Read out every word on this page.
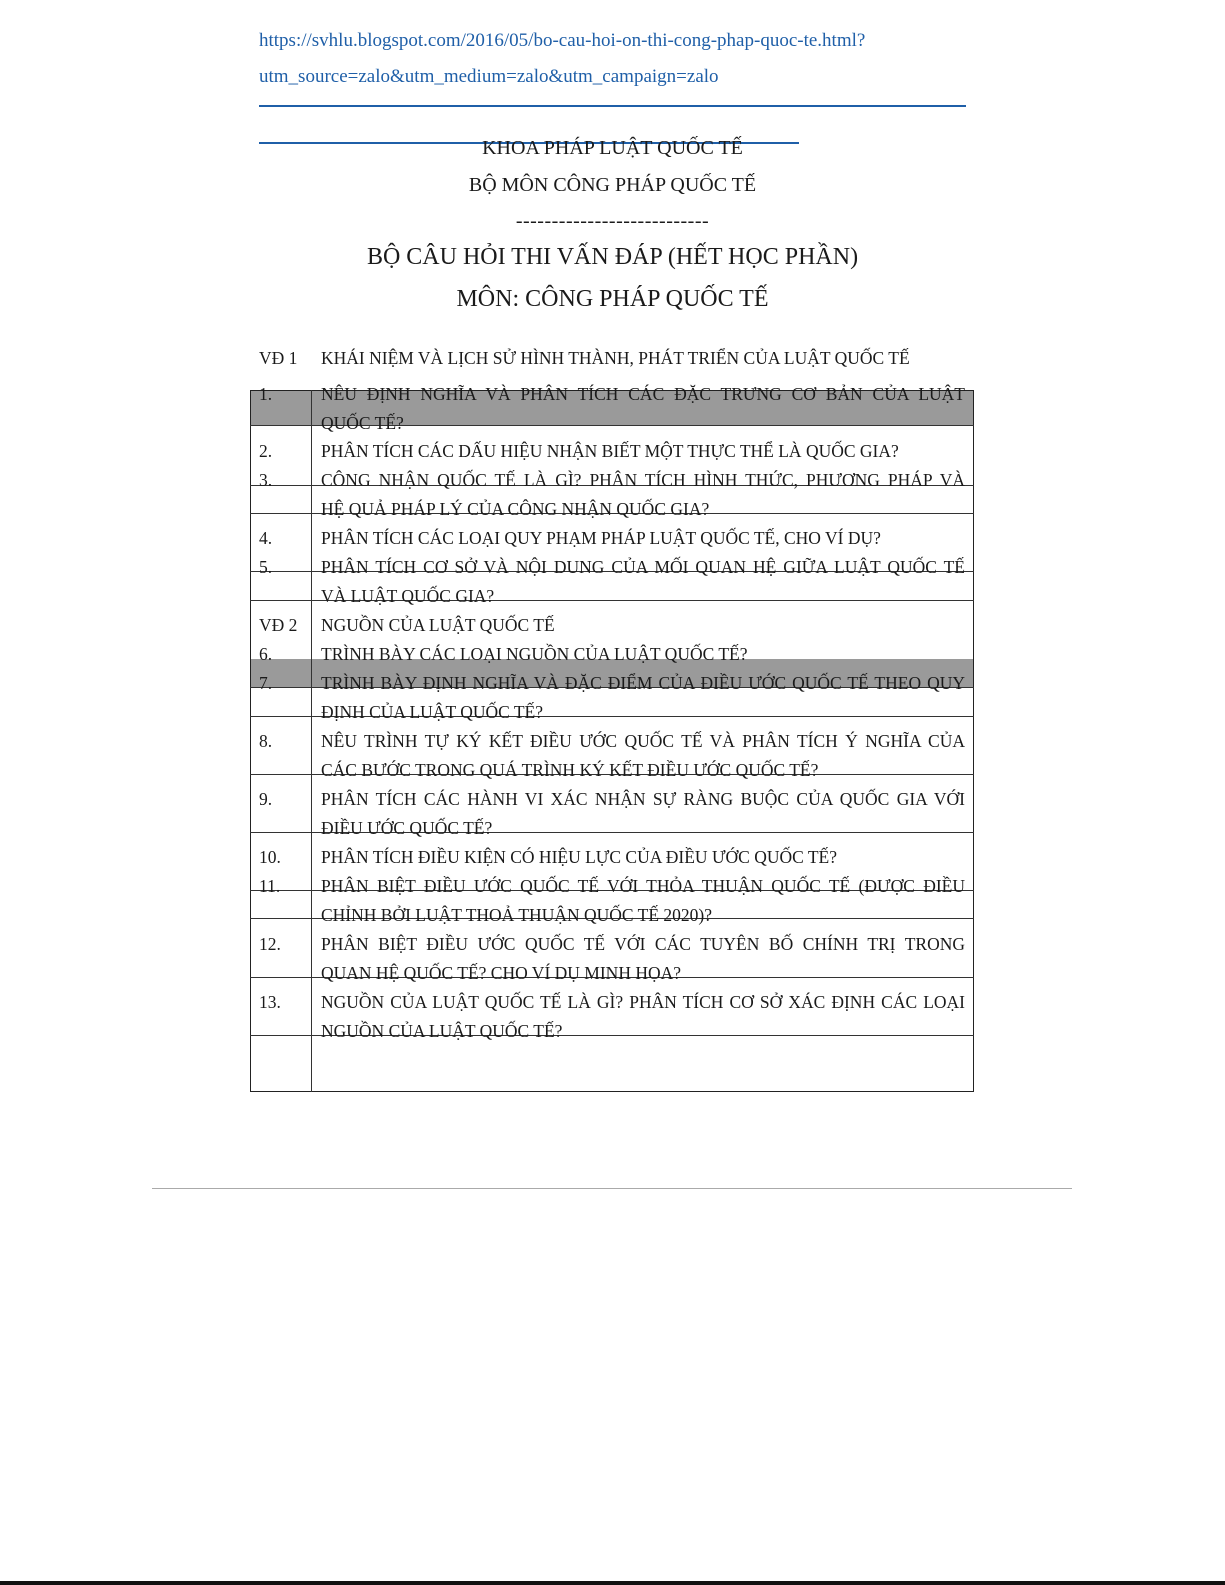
https://svhlu.blogspot.com/2016/05/bo-cau-hoi-on-thi-cong-phap-quoc-te.html?
utm_source=zalo&utm_medium=zalo&utm_campaign=zalo
KHOA PHÁP LUẬT QUỐC TẾ
BỘ MÔN CÔNG PHÁP QUỐC TẾ
---------------------------
BỘ CÂU HỎI THI VẤN ĐÁP (HẾT HỌC PHẦN)
MÔN: CÔNG PHÁP QUỐC TẾ
VĐ 1 KHÁI NIỆM VÀ LỊCH SỬ HÌNH THÀNH, PHÁT TRIỂN CỦA LUẬT QUỐC TẾ
1.	NÊU ĐỊNH NGHĨA VÀ PHÂN TÍCH CÁC ĐẶC TRƯNG CƠ BẢN CỦA LUẬT
QUỐC TẾ?
2.	PHÂN TÍCH CÁC DẤU HIỆU NHẬN BIẾT MỘT THỰC THỂ LÀ QUỐC GIA?
3.	CÔNG NHẬN QUỐC TẾ LÀ GÌ? PHÂN TÍCH HÌNH THỨC, PHƯƠNG PHÁP VÀ
HỆ QUẢ PHÁP LÝ CỦA CÔNG NHẬN QUỐC GIA?
4.	PHÂN TÍCH CÁC LOẠI QUY PHẠM PHÁP LUẬT QUỐC TẾ, CHO VÍ DỤ?
5.	PHÂN TÍCH CƠ SỞ VÀ NỘI DUNG CỦA MỐI QUAN HỆ GIỮA LUẬT QUỐC TẾ
VÀ LUẬT QUỐC GIA?
VĐ 2 NGUỒN CỦA LUẬT QUỐC TẾ
6.	TRÌNH BÀY CÁC LOẠI NGUỒN CỦA LUẬT QUỐC TẾ?
7.	TRÌNH BÀY ĐỊNH NGHĨA VÀ ĐẶC ĐIỂM CỦA ĐIỀU ƯỚC QUỐC TẾ THEO QUY
ĐỊNH CỦA LUẬT QUỐC TẾ?
8.	NÊU TRÌNH TỰ KÝ KẾT ĐIỀU ƯỚC QUỐC TẾ VÀ PHÂN TÍCH Ý NGHĨA CỦA
CÁC BƯỚC TRONG QUÁ TRÌNH KÝ KẾT ĐIỀU ƯỚC QUỐC TẾ?
9.	PHÂN TÍCH CÁC HÀNH VI XÁC NHẬN SỰ RÀNG BUỘC CỦA QUỐC GIA VỚI
ĐIỀU ƯỚC QUỐC TẾ?
10. PHÂN TÍCH ĐIỀU KIỆN CÓ HIỆU LỰC CỦA ĐIỀU ƯỚC QUỐC TẾ?
11. PHÂN BIỆT ĐIỀU ƯỚC QUỐC TẾ VỚI THỎA THUẬN QUỐC TẾ (ĐƯỢC ĐIỀU
CHỈNH BỞI LUẬT THOẢ THUẬN QUỐC TẾ 2020)?
12. PHÂN BIỆT ĐIỀU ƯỚC QUỐC TẾ VỚI CÁC TUYÊN BỐ CHÍNH TRỊ TRONG
QUAN HỆ QUỐC TẾ? CHO VÍ DỤ MINH HỌA?
13. NGUỒN CỦA LUẬT QUỐC TẾ LÀ GÌ? PHÂN TÍCH CƠ SỞ XÁC ĐỊNH CÁC LOẠI
NGUỒN CỦA LUẬT QUỐC TẾ?
